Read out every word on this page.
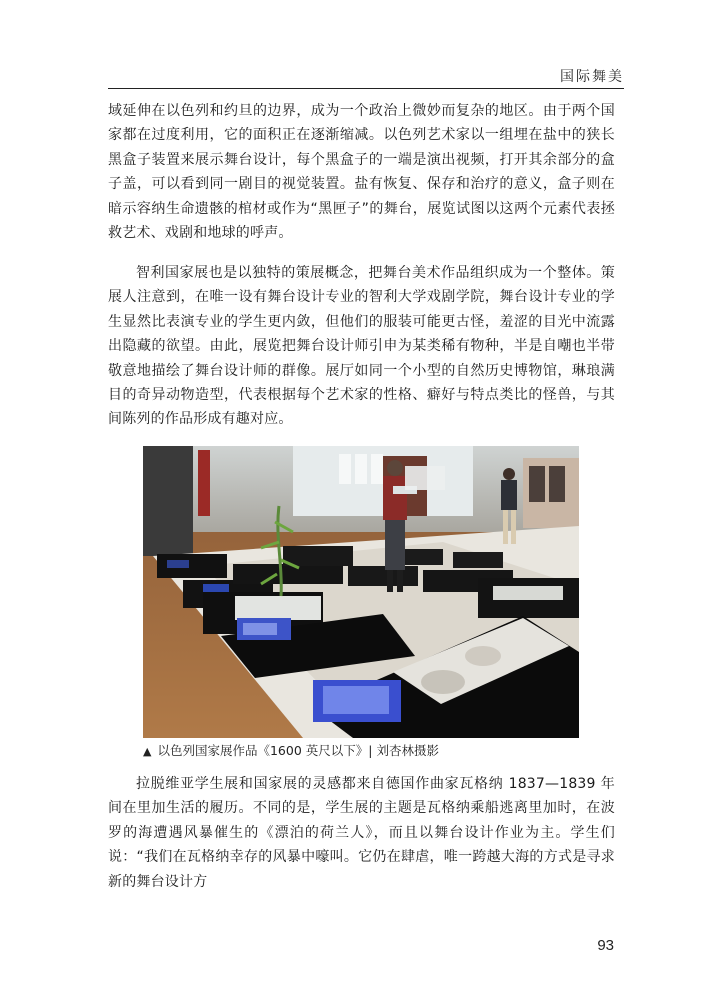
国际舞美

域延伸在以色列和约旦的边界，成为一个政治上微妙而复杂的地区。由于两个国家都在过度利用，它的面积正在逐渐缩减。以色列艺术家以一组埋在盐中的狭长黑盒子装置来展示舞台设计，每个黑盒子的一端是演出视频，打开其余部分的盒子盖，可以看到同一剧目的视觉装置。盐有恢复、保存和治疗的意义，盒子则在暗示容纳生命遗骸的棺材或作为“黑匣子”的舞台，展览试图以这两个元素代表拯救艺术、戏剧和地球的呼声。

智利国家展也是以独特的策展概念，把舞台美术作品组织成为一个整体。策展人注意到，在唯一设有舞台设计专业的智利大学戏剧学院，舞台设计专业的学生显然比表演专业的学生更内敛，但他们的服装可能更古怪，羞涩的目光中流露出隐藏的欲望。由此，展览把舞台设计师引申为某类稀有物种，半是自嘲也半带敬意地描绘了舞台设计师的群像。展厅如同一个小型的自然历史博物馆，琳琅满目的奇异动物造型，代表根据每个艺术家的性格、癖好与特点类比的怪兽，与其间陈列的作品形成有趣对应。

▲ 以色列国家展作品《1600 英尺以下》| 刘杏林摄影

拉脱维亚学生展和国家展的灵感都来自德国作曲家瓦格纳 1837—1839 年间在里加生活的履历。不同的是，学生展的主题是瓦格纳乘船逃离里加时，在波罗的海遭遇风暴催生的《漂泊的荷兰人》，而且以舞台设计作业为主。学生们说：“我们在瓦格纳幸存的风暴中嚎叫。它仍在肆虐，唯一跨越大海的方式是寻求新的舞台设计方

93
